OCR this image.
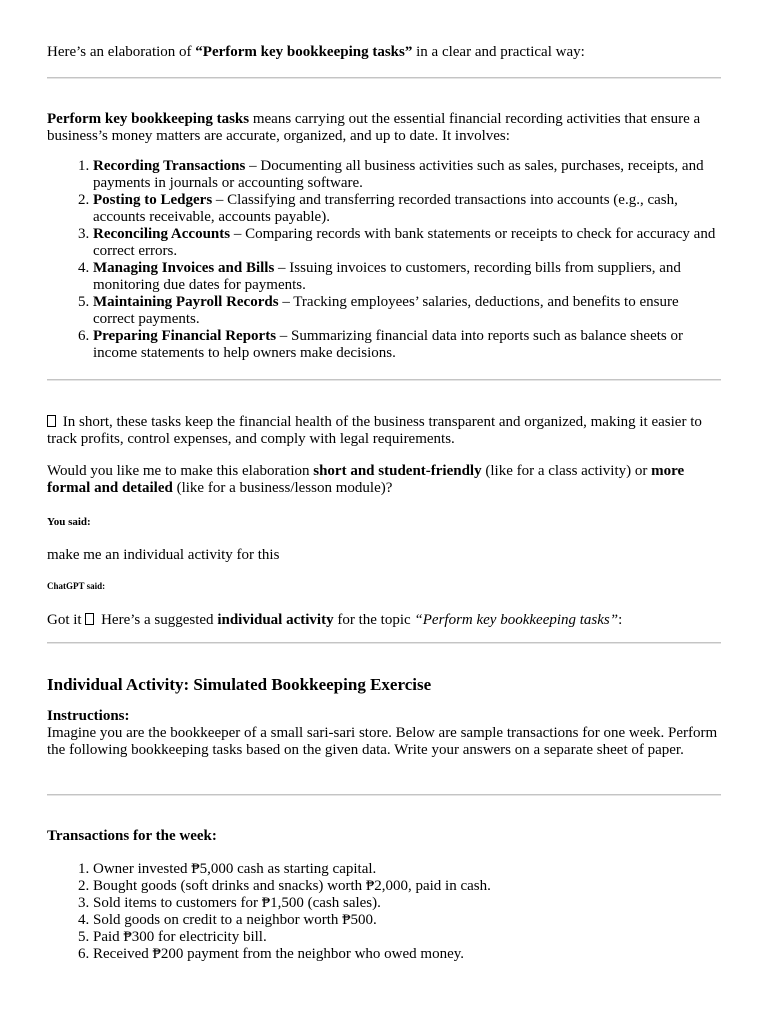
Here’s an elaboration of “Perform key bookkeeping tasks” in a clear and practical way:

Perform key bookkeeping tasks means carrying out the essential financial recording activities that ensure a business’s money matters are accurate, organized, and up to date. It involves:

1. Recording Transactions – Documenting all business activities such as sales, purchases, receipts, and payments in journals or accounting software.
2. Posting to Ledgers – Classifying and transferring recorded transactions into accounts (e.g., cash, accounts receivable, accounts payable).
3. Reconciling Accounts – Comparing records with bank statements or receipts to check for accuracy and correct errors.
4. Managing Invoices and Bills – Issuing invoices to customers, recording bills from suppliers, and monitoring due dates for payments.
5. Maintaining Payroll Records – Tracking employees’ salaries, deductions, and benefits to ensure correct payments.
6. Preparing Financial Reports – Summarizing financial data into reports such as balance sheets or income statements to help owners make decisions.

In short, these tasks keep the financial health of the business transparent and organized, making it easier to track profits, control expenses, and comply with legal requirements.

Would you like me to make this elaboration short and student-friendly (like for a class activity) or more formal and detailed (like for a business/lesson module)?

You said:

make me an individual activity for this

ChatGPT said:

Got it  Here’s a suggested individual activity for the topic “Perform key bookkeeping tasks”:

Individual Activity: Simulated Bookkeeping Exercise

Instructions:
Imagine you are the bookkeeper of a small sari-sari store. Below are sample transactions for one week. Perform the following bookkeeping tasks based on the given data. Write your answers on a separate sheet of paper.

Transactions for the week:

1. Owner invested ₱5,000 cash as starting capital.
2. Bought goods (soft drinks and snacks) worth ₱2,000, paid in cash.
3. Sold items to customers for ₱1,500 (cash sales).
4. Sold goods on credit to a neighbor worth ₱500.
5. Paid ₱300 for electricity bill.
6. Received ₱200 payment from the neighbor who owed money.
